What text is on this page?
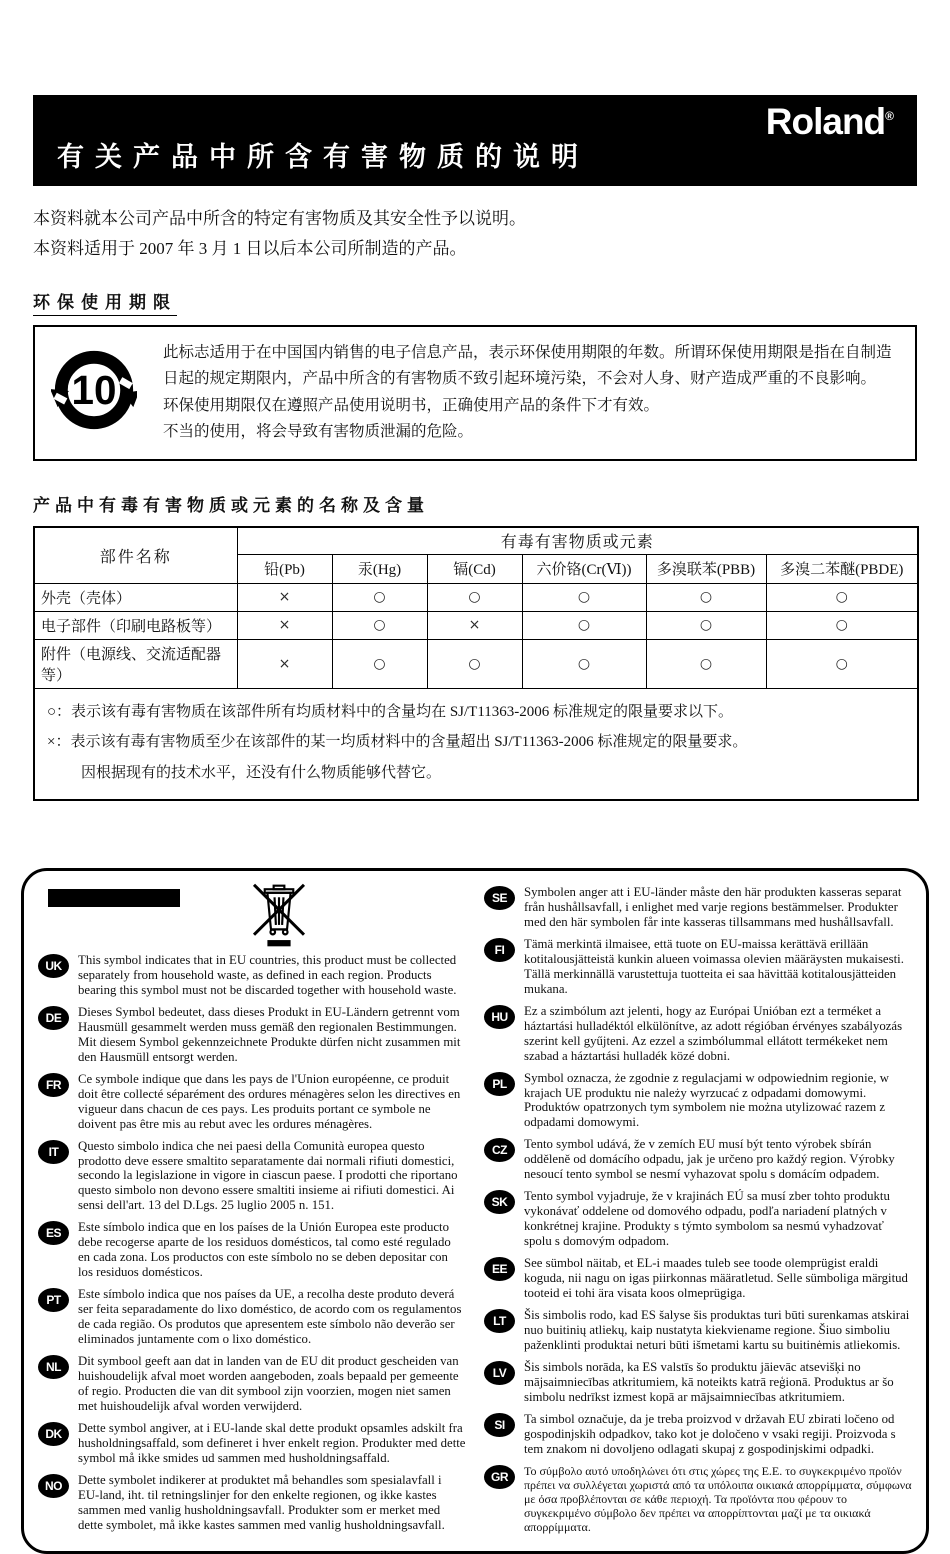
Roland®
有关产品中所含有害物质的说明
本资料就本公司产品中所含的特定有害物质及其安全性予以说明。
本资料适用于 2007 年 3 月 1 日以后本公司所制造的产品。
环保使用期限
10
此标志适用于在中国国内销售的电子信息产品，表示环保使用期限的年数。所谓环保使用期限是指在自制造日起的规定期限内，产品中所含的有害物质不致引起环境污染，不会对人身、财产造成严重的不良影响。
环保使用期限仅在遵照产品使用说明书，正确使用产品的条件下才有效。
不当的使用，将会导致有害物质泄漏的危险。
产品中有毒有害物质或元素的名称及含量
部件名称	有毒有害物质或元素					
	铅(Pb)	汞(Hg)	镉(Cd)	六价铬(Cr(Ⅵ))	多溴联苯(PBB)	多溴二苯醚(PBDE)
外壳（壳体）	×	○	○	○	○	○
电子部件（印刷电路板等）	×	○	×	○	○	○
附件（电源线、交流适配器等）	×	○	○	○	○	○

○：表示该有毒有害物质在该部件所有均质材料中的含量均在 SJ/T11363-2006 标准规定的限量要求以下。
×：表示该有毒有害物质至少在该部件的某一均质材料中的含量超出 SJ/T11363-2006 标准规定的限量要求。
因根据现有的技术水平，还没有什么物质能够代替它。						
UK	This symbol indicates that in EU countries, this product must be collected separately from household waste, as defined in each region. Products bearing this symbol must not be discarded together with household waste.
DE	Dieses Symbol bedeutet, dass dieses Produkt in EU-Ländern getrennt vom Hausmüll gesammelt werden muss gemäß den regionalen Bestimmungen. Mit diesem Symbol gekennzeichnete Produkte dürfen nicht zusammen mit den Hausmüll entsorgt werden.
FR	Ce symbole indique que dans les pays de l'Union européenne, ce produit doit être collecté séparément des ordures ménagères selon les directives en vigueur dans chacun de ces pays. Les produits portant ce symbole ne doivent pas être mis au rebut avec les ordures ménagères.
IT	Questo simbolo indica che nei paesi della Comunità europea questo prodotto deve essere smaltito separatamente dai normali rifiuti domestici, secondo la legislazione in vigore in ciascun paese. I prodotti che riportano questo simbolo non devono essere smaltiti insieme ai rifiuti domestici. Ai sensi dell'art. 13 del D.Lgs. 25 luglio 2005 n. 151.
ES	Este símbolo indica que en los países de la Unión Europea este producto debe recogerse aparte de los residuos domésticos, tal como esté regulado en cada zona. Los productos con este símbolo no se deben depositar con los residuos domésticos.
PT	Este símbolo indica que nos países da UE, a recolha deste produto deverá ser feita separadamente do lixo doméstico, de acordo com os regulamentos de cada região. Os produtos que apresentem este símbolo não deverão ser eliminados juntamente com o lixo doméstico.
NL	Dit symbool geeft aan dat in landen van de EU dit product gescheiden van huishoudelijk afval moet worden aangeboden, zoals bepaald per gemeente of regio. Producten die van dit symbool zijn voorzien, mogen niet samen met huishoudelijk afval worden verwijderd.
DK	Dette symbol angiver, at i EU-lande skal dette produkt opsamles adskilt fra husholdningsaffald, som defineret i hver enkelt region. Produkter med dette symbol må ikke smides ud sammen med husholdningsaffald.
NO	Dette symbolet indikerer at produktet må behandles som spesialavfall i EU-land, iht. til retningslinjer for den enkelte regionen, og ikke kastes sammen med vanlig husholdningsavfall. Produkter som er merket med dette symbolet, må ikke kastes sammen med vanlig husholdningsavfall.
SE	Symbolen anger att i EU-länder måste den här produkten kasseras separat från hushållsavfall, i enlighet med varje regions bestämmelser. Produkter med den här symbolen får inte kasseras tillsammans med hushållsavfall.
FI	Tämä merkintä ilmaisee, että tuote on EU-maissa kerättävä erillään kotitalousjätteistä kunkin alueen voimassa olevien määräysten mukaisesti. Tällä merkinnällä varustettuja tuotteita ei saa hävittää kotitalousjätteiden mukana.
HU	Ez a szimbólum azt jelenti, hogy az Európai Unióban ezt a terméket a háztartási hulladéktól elkülönítve, az adott régióban érvényes szabályozás szerint kell gyűjteni. Az ezzel a szimbólummal ellátott termékeket nem szabad a háztartási hulladék közé dobni.
PL	Symbol oznacza, że zgodnie z regulacjami w odpowiednim regionie, w krajach UE produktu nie należy wyrzucać z odpadami domowymi. Produktów opatrzonych tym symbolem nie można utylizować razem z odpadami domowymi.
CZ	Tento symbol udává, že v zemích EU musí být tento výrobek sbírán odděleně od domácího odpadu, jak je určeno pro každý region. Výrobky nesoucí tento symbol se nesmí vyhazovat spolu s domácím odpadem.
SK	Tento symbol vyjadruje, že v krajinách EÚ sa musí zber tohto produktu vykonávať oddelene od domového odpadu, podľa nariadení platných v konkrétnej krajine. Produkty s týmto symbolom sa nesmú vyhadzovať spolu s domovým odpadom.
EE	See sümbol näitab, et EL-i maades tuleb see toode olemprügist eraldi koguda, nii nagu on igas piirkonnas määratletud. Selle sümboliga märgitud tooteid ei tohi ära visata koos olmeprügiga.
LT	Šis simbolis rodo, kad ES šalyse šis produktas turi būti surenkamas atskirai nuo buitinių atliekų, kaip nustatyta kiekviename regione. Šiuo simboliu paženklinti produktai neturi būti išmetami kartu su buitinėmis atliekomis.
LV	Šis simbols norāda, ka ES valstīs šo produktu jāievāc atsevišķi no mājsaimniecības atkritumiem, kā noteikts katrā reģionā. Produktus ar šo simbolu nedrīkst izmest kopā ar mājsaimniecības atkritumiem.
SI	Ta simbol označuje, da je treba proizvod v državah EU zbirati ločeno od gospodinjskih odpadkov, tako kot je določeno v vsaki regiji. Proizvoda s tem znakom ni dovoljeno odlagati skupaj z gospodinjskimi odpadki.
GR	Το σύμβολο αυτό υποδηλώνει ότι στις χώρες της Ε.Ε. το συγκεκριμένο προϊόν πρέπει να συλλέγεται χωριστά από τα υπόλοιπα οικιακά απορρίμματα, σύμφωνα με όσα προβλέπονται σε κάθε περιοχή. Τα προϊόντα που φέρουν το συγκεκριμένο σύμβολο δεν πρέπει να απορρίπτονται μαζί με τα οικιακά απορρίμματα.
